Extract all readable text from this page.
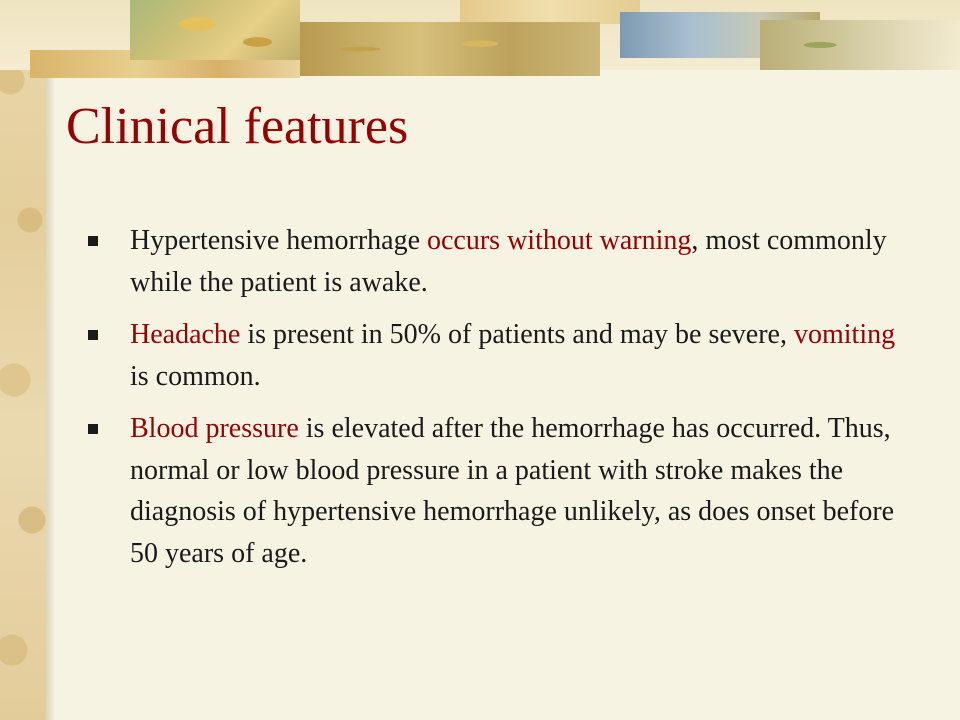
Clinical features
Hypertensive hemorrhage occurs without warning, most commonly while the patient is awake.
Headache is present in 50% of patients and may be severe, vomiting is common.
Blood pressure is elevated after the hemorrhage has occurred. Thus, normal or low blood pressure in a patient with stroke makes the diagnosis of hypertensive hemorrhage unlikely, as does onset before 50 years of age.
